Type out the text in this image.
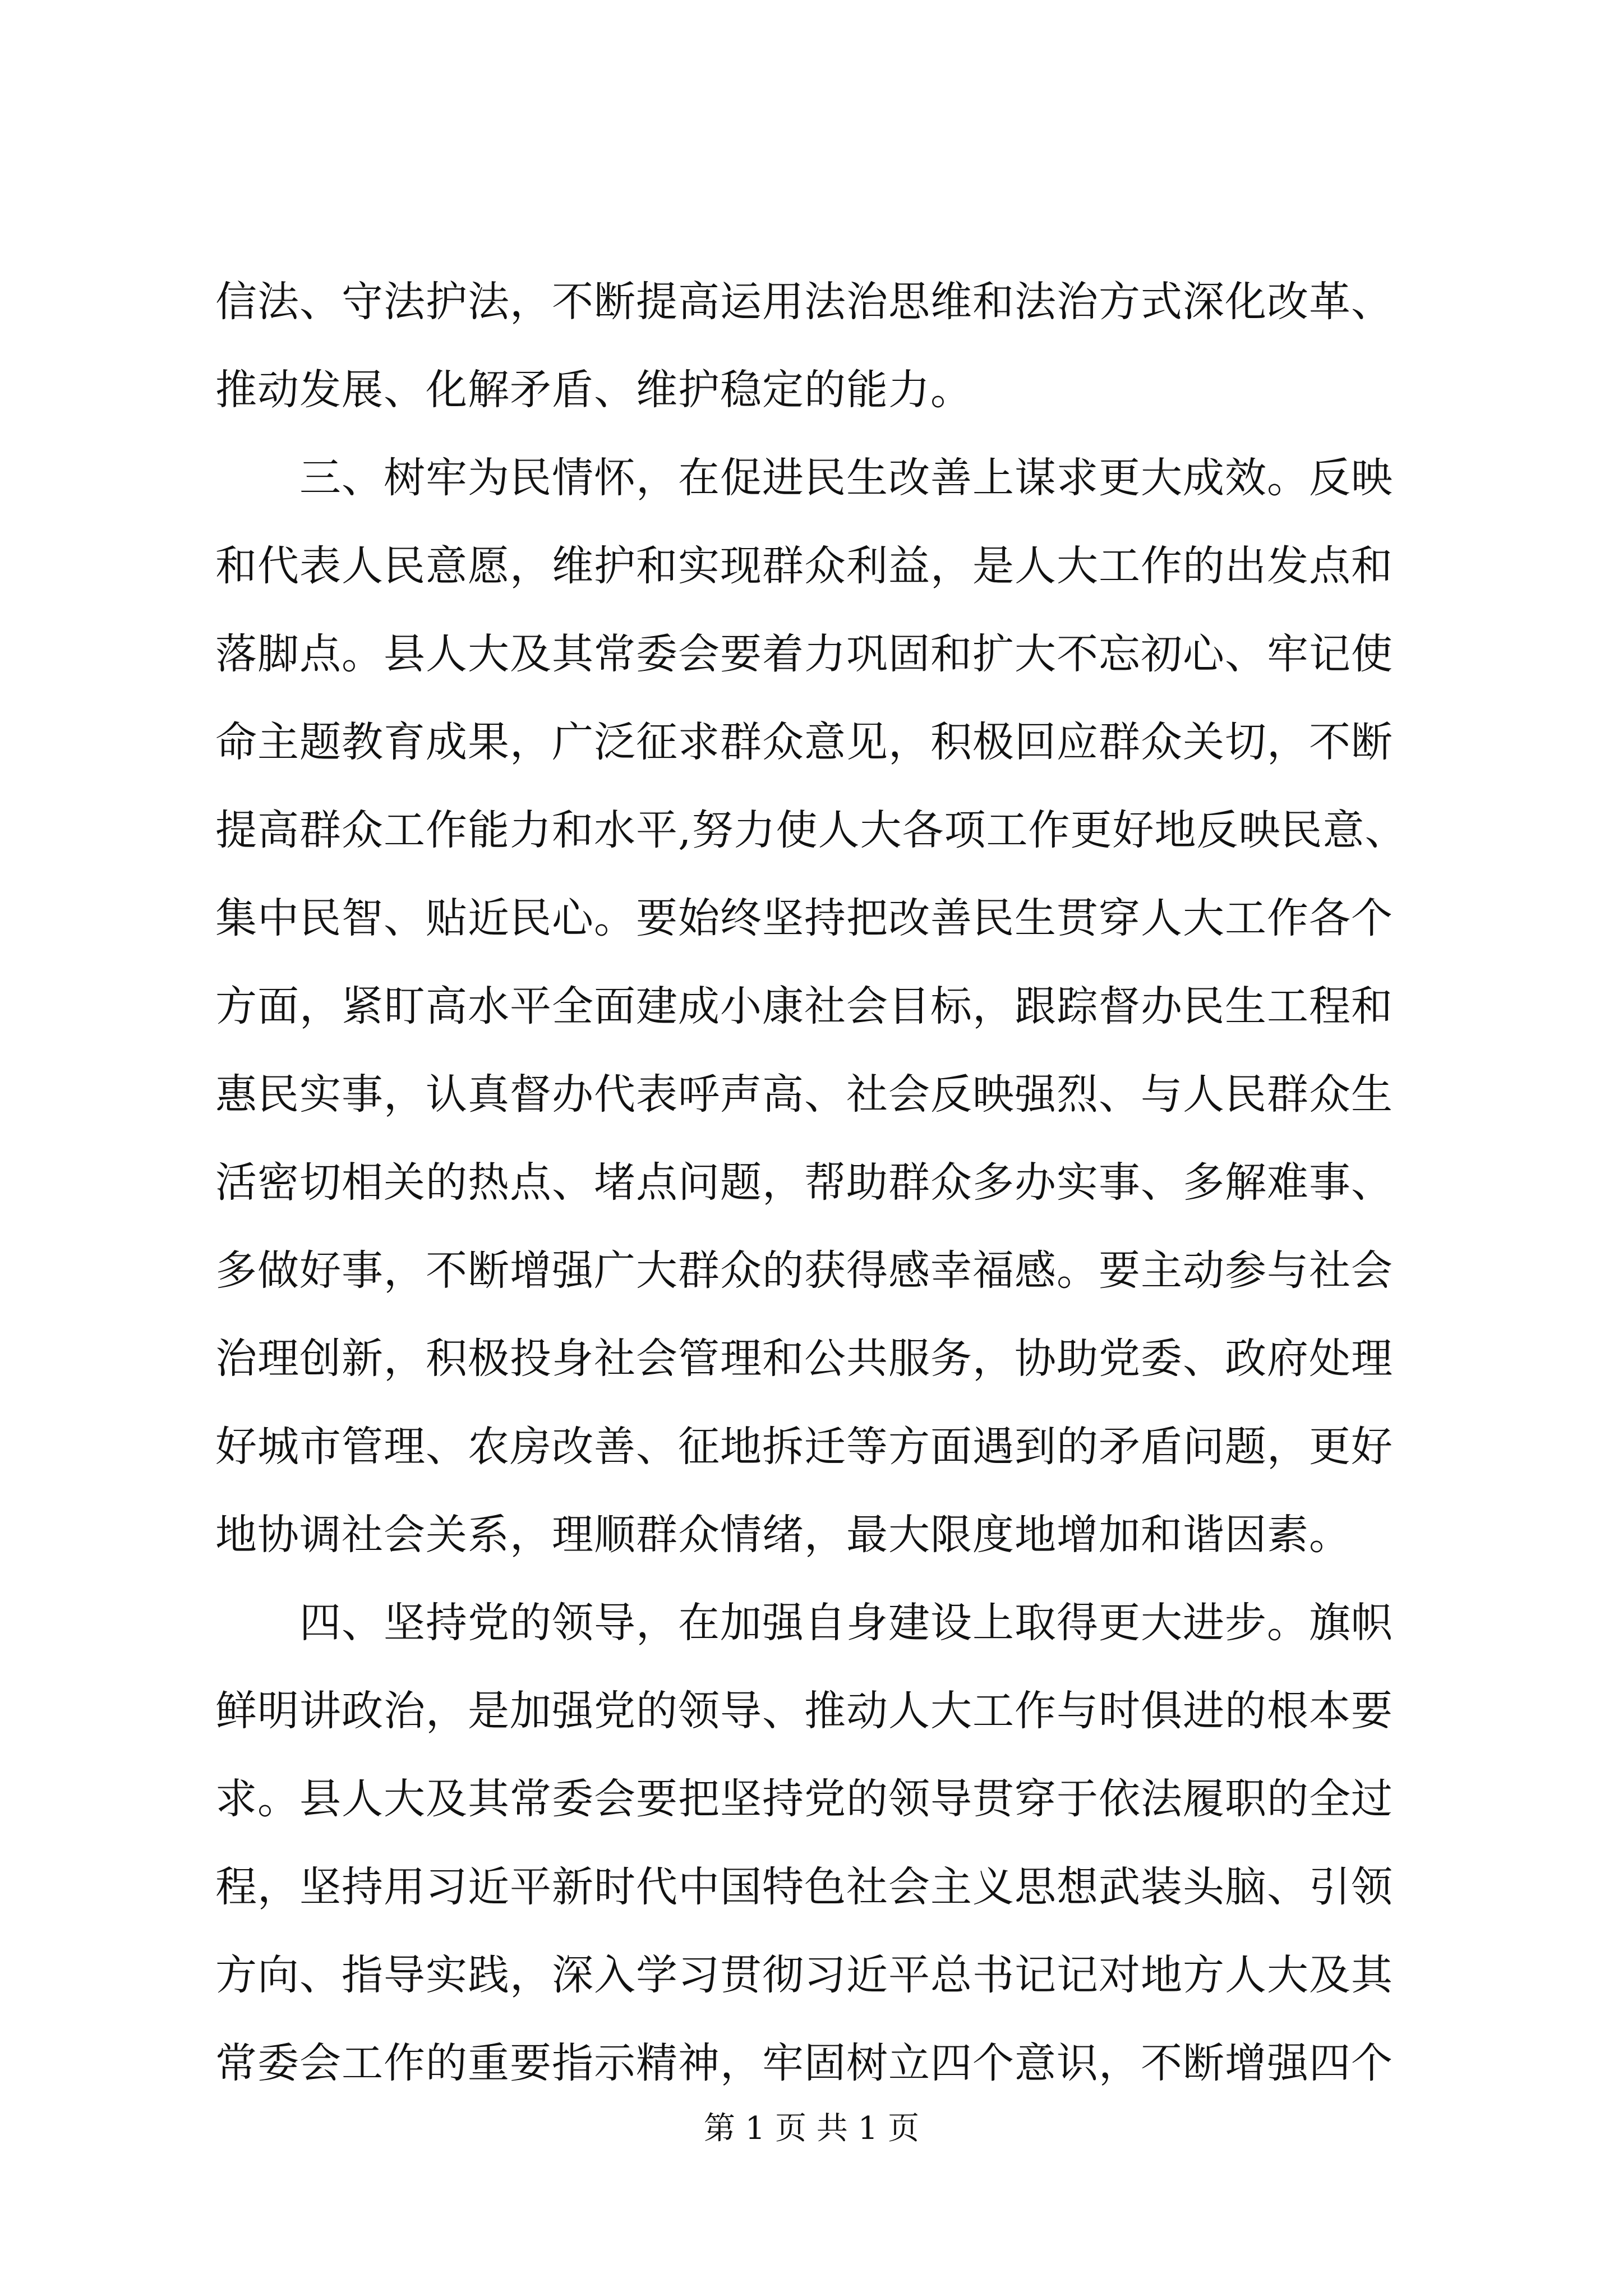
信法、守法护法，不断提高运用法治思维和法治方式深化改革、
推动发展、化解矛盾、维护稳定的能力。
　　三、树牢为民情怀，在促进民生改善上谋求更大成效。反映
和代表人民意愿，维护和实现群众利益，是人大工作的出发点和
落脚点。县人大及其常委会要着力巩固和扩大不忘初心、牢记使
命主题教育成果，广泛征求群众意见，积极回应群众关切，不断
提高群众工作能力和水平,努力使人大各项工作更好地反映民意、
集中民智、贴近民心。要始终坚持把改善民生贯穿人大工作各个
方面，紧盯高水平全面建成小康社会目标，跟踪督办民生工程和
惠民实事，认真督办代表呼声高、社会反映强烈、与人民群众生
活密切相关的热点、堵点问题，帮助群众多办实事、多解难事、
多做好事，不断增强广大群众的获得感幸福感。要主动参与社会
治理创新，积极投身社会管理和公共服务，协助党委、政府处理
好城市管理、农房改善、征地拆迁等方面遇到的矛盾问题，更好
地协调社会关系，理顺群众情绪，最大限度地增加和谐因素。
　　四、坚持党的领导，在加强自身建设上取得更大进步。旗帜
鲜明讲政治，是加强党的领导、推动人大工作与时俱进的根本要
求。县人大及其常委会要把坚持党的领导贯穿于依法履职的全过
程，坚持用习近平新时代中国特色社会主义思想武装头脑、引领
方向、指导实践，深入学习贯彻习近平总书记记对地方人大及其
常委会工作的重要指示精神，牢固树立四个意识，不断增强四个
第 1 页 共 1 页
